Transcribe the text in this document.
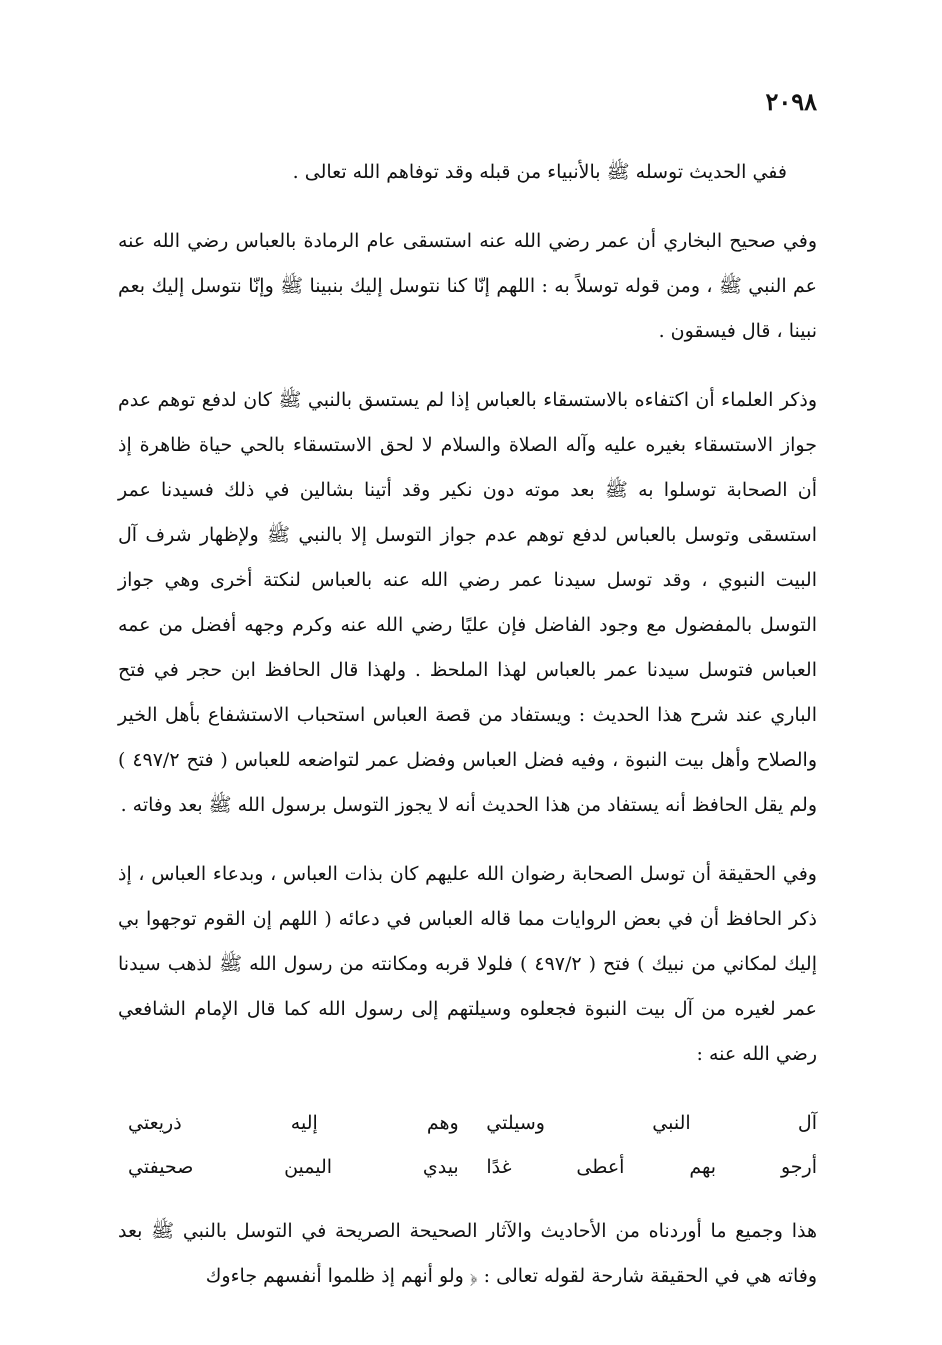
٢٠٩٨

ففي الحديث توسله ﷺ بالأنبياء من قبله وقد توفاهم الله تعالى .

وفي صحيح البخاري أن عمر رضي الله عنه استسقى عام الرمادة بالعباس رضي الله عنه عم النبي ﷺ ، ومن قوله توسلاً به : اللهم إنّا كنا نتوسل إليك بنبينا ﷺ وإنّا نتوسل إليك بعم نبينا ، قال فيسقون .

وذكر العلماء أن اكتفاءه بالاستسقاء بالعباس إذا لم يستسق بالنبي ﷺ كان لدفع توهم عدم جواز الاستسقاء بغيره عليه وآله الصلاة والسلام لا لحق الاستسقاء بالحي حياة ظاهرة إذ أن الصحابة توسلوا به ﷺ بعد موته دون نكير وقد أتينا بشالين في ذلك فسيدنا عمر استسقى وتوسل بالعباس لدفع توهم عدم جواز التوسل إلا بالنبي ﷺ ولإظهار شرف آل البيت النبوي ، وقد توسل سيدنا عمر رضي الله عنه بالعباس لنكتة أخرى وهي جواز التوسل بالمفضول مع وجود الفاضل فإن عليًا رضي الله عنه وكرم وجهه أفضل من عمه العباس فتوسل سيدنا عمر بالعباس لهذا الملحظ . ولهذا قال الحافظ ابن حجر في فتح الباري عند شرح هذا الحديث : ويستفاد من قصة العباس استحباب الاستشفاع بأهل الخير والصلاح وأهل بيت النبوة ، وفيه فضل العباس وفضل عمر لتواضعه للعباس ( فتح ٤٩٧/٢ ) ولم يقل الحافظ أنه يستفاد من هذا الحديث أنه لا يجوز التوسل برسول الله ﷺ بعد وفاته .

وفي الحقيقة أن توسل الصحابة رضوان الله عليهم كان بذات العباس ، وبدعاء العباس ، إذ ذكر الحافظ أن في بعض الروايات مما قاله العباس في دعائه ( اللهم إن القوم توجهوا بي إليك لمكاني من نبيك ) فتح ( ٤٩٧/٢ ) فلولا قربه ومكانته من رسول الله ﷺ لذهب سيدنا عمر لغيره من آل بيت النبوة فجعلوه وسيلتهم إلى رسول الله كما قال الإمام الشافعي رضي الله عنه :

آل
النبي
وسيلتي
وهم
إليه
ذريعتي
أرجو
بهم
أعطى
غدًا
بيدي
اليمين
صحيفتي

هذا وجميع ما أوردناه من الأحاديث والآثار الصحيحة الصريحة في التوسل بالنبي ﷺ بعد وفاته هي في الحقيقة شارحة لقوله تعالى : ﴿ ولو أنهم إذ ظلموا أنفسهم جاءوك
